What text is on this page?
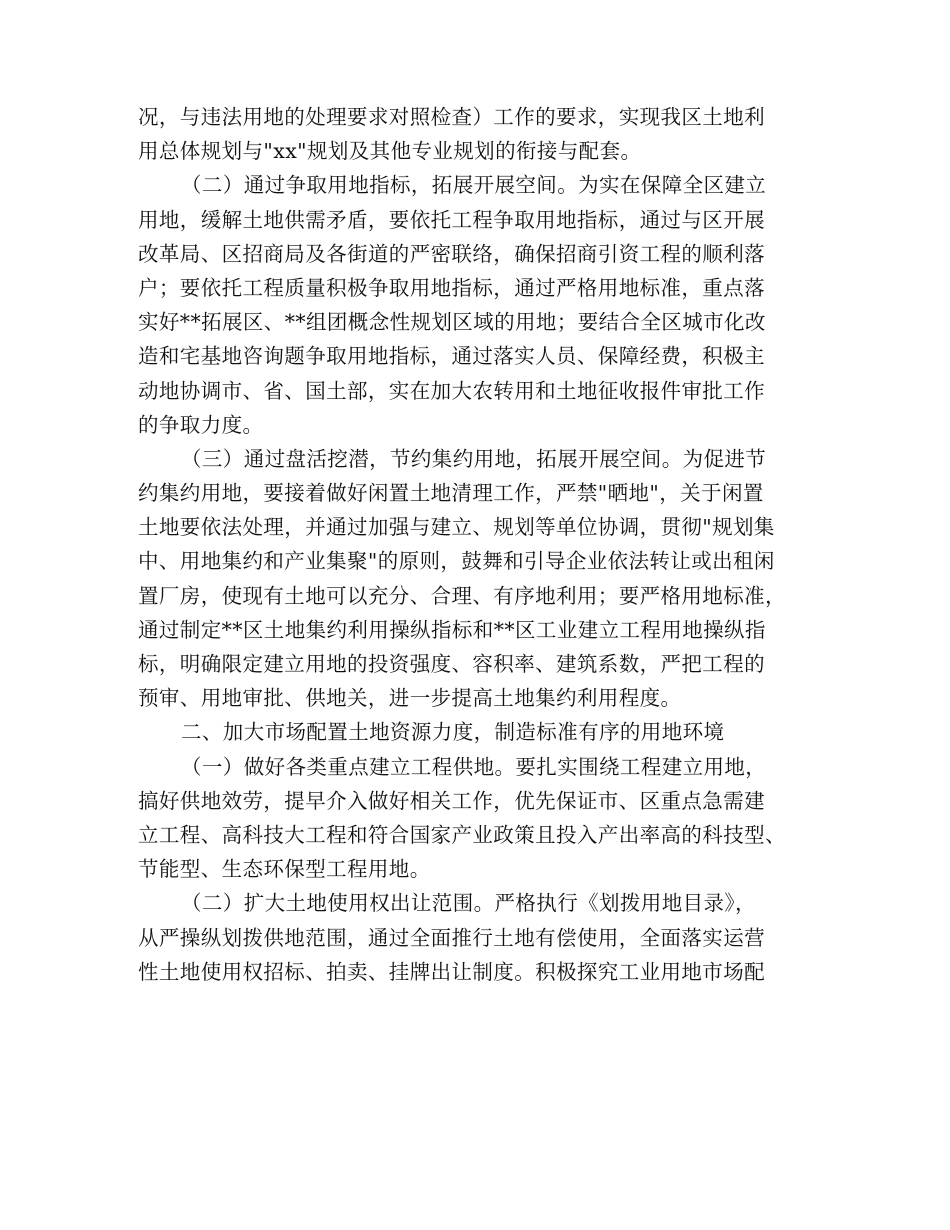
况，与违法用地的处理要求对照检查）工作的要求，实现我区土地利
用总体规划与"xx"规划及其他专业规划的衔接与配套。
（二）通过争取用地指标，拓展开展空间。为实在保障全区建立
用地，缓解土地供需矛盾，要依托工程争取用地指标，通过与区开展
改革局、区招商局及各街道的严密联络，确保招商引资工程的顺利落
户；要依托工程质量积极争取用地指标，通过严格用地标准，重点落
实好**拓展区、**组团概念性规划区域的用地；要结合全区城市化改
造和宅基地咨询题争取用地指标，通过落实人员、保障经费，积极主
动地协调市、省、国土部，实在加大农转用和土地征收报件审批工作
的争取力度。
（三）通过盘活挖潜，节约集约用地，拓展开展空间。为促进节
约集约用地，要接着做好闲置土地清理工作，严禁"晒地"，关于闲置
土地要依法处理，并通过加强与建立、规划等单位协调，贯彻"规划集
中、用地集约和产业集聚"的原则，鼓舞和引导企业依法转让或出租闲
置厂房，使现有土地可以充分、合理、有序地利用；要严格用地标准，
通过制定**区土地集约利用操纵指标和**区工业建立工程用地操纵指
标，明确限定建立用地的投资强度、容积率、建筑系数，严把工程的
预审、用地审批、供地关，进一步提高土地集约利用程度。
二、加大市场配置土地资源力度，制造标准有序的用地环境
（一）做好各类重点建立工程供地。要扎实围绕工程建立用地，
搞好供地效劳，提早介入做好相关工作，优先保证市、区重点急需建
立工程、高科技大工程和符合国家产业政策且投入产出率高的科技型、
节能型、生态环保型工程用地。
（二）扩大土地使用权出让范围。严格执行《划拨用地目录》，
从严操纵划拨供地范围，通过全面推行土地有偿使用，全面落实运营
性土地使用权招标、拍卖、挂牌出让制度。积极探究工业用地市场配
